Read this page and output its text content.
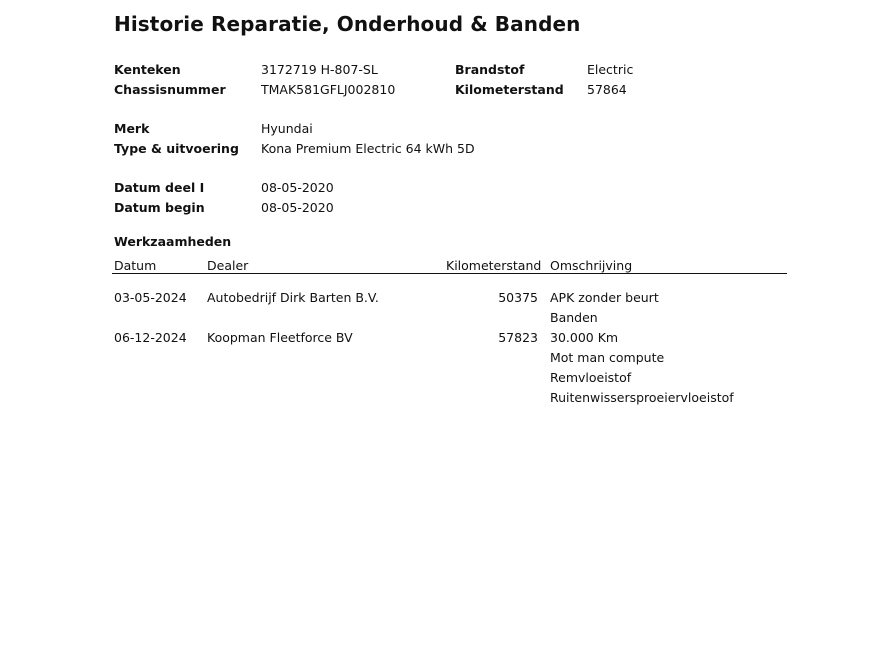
Historie Reparatie, Onderhoud & Banden
Kenteken	3172719 H-807-SL	Brandstof	Electric
Chassisnummer	TMAK581GFLJ002810	Kilometerstand 57864
Merk	Hyundai
Type & uitvoering Kona Premium Electric 64 kWh 5D
Datum deel I	08-05-2020
Datum begin	08-05-2020
Werkzaamheden
Datum	Dealer	Kilometerstand Omschrijving
03-05-2024 Autobedrijf Dirk Barten B.V.	50375 APK zonder beurt
Banden
06-12-2024 Koopman Fleetforce BV	57823 30.000 Km
Mot man compute
Remvloeistof
Ruitenwissersproeiervloeistof
